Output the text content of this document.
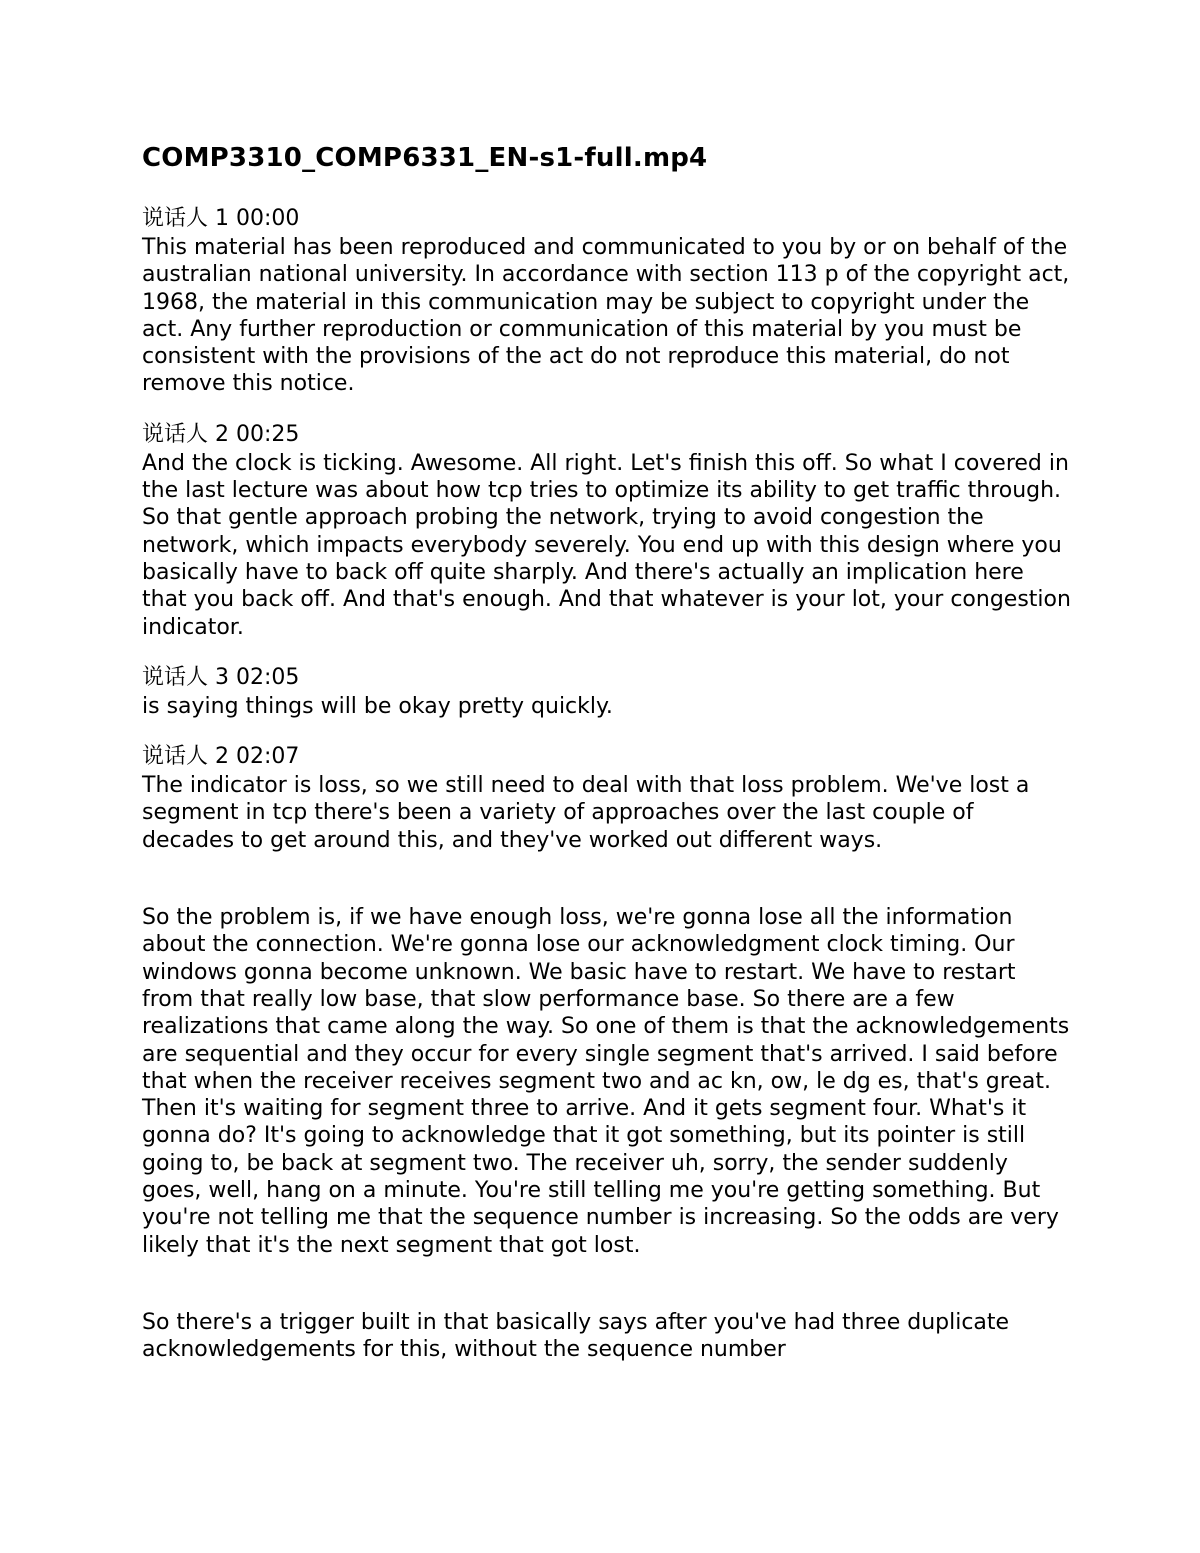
COMP3310_COMP6331_EN-s1-full.mp4

说话人 1 00:00

This material has been reproduced and communicated to you by or on behalf of the australian national university. In accordance with section 113 p of the copyright act, 1968, the material in this communication may be subject to copyright under the act. Any further reproduction or communication of this material by you must be consistent with the provisions of the act do not reproduce this material, do not remove this notice.

说话人 2 00:25

And the clock is ticking. Awesome. All right. Let's finish this off. So what I covered in the last lecture was about how tcp tries to optimize its ability to get traffic through. So that gentle approach probing the network, trying to avoid congestion the network, which impacts everybody severely. You end up with this design where you basically have to back off quite sharply. And there's actually an implication here that you back off. And that's enough. And that whatever is your lot, your congestion indicator.

说话人 3 02:05

is saying things will be okay pretty quickly.

说话人 2 02:07

The indicator is loss, so we still need to deal with that loss problem. We've lost a segment in tcp there's been a variety of approaches over the last couple of decades to get around this, and they've worked out different ways.

So the problem is, if we have enough loss, we're gonna lose all the information about the connection. We're gonna lose our acknowledgment clock timing. Our windows gonna become unknown. We basic have to restart. We have to restart from that really low base, that slow performance base. So there are a few realizations that came along the way. So one of them is that the acknowledgements are sequential and they occur for every single segment that's arrived. I said before that when the receiver receives segment two and ac kn, ow, le dg es, that's great. Then it's waiting for segment three to arrive. And it gets segment four. What's it gonna do? It's going to acknowledge that it got something, but its pointer is still going to, be back at segment two. The receiver uh, sorry, the sender suddenly goes, well, hang on a minute. You're still telling me you're getting something. But you're not telling me that the sequence number is increasing. So the odds are very likely that it's the next segment that got lost.

So there's a trigger built in that basically says after you've had three duplicate acknowledgements for this, without the sequence number
